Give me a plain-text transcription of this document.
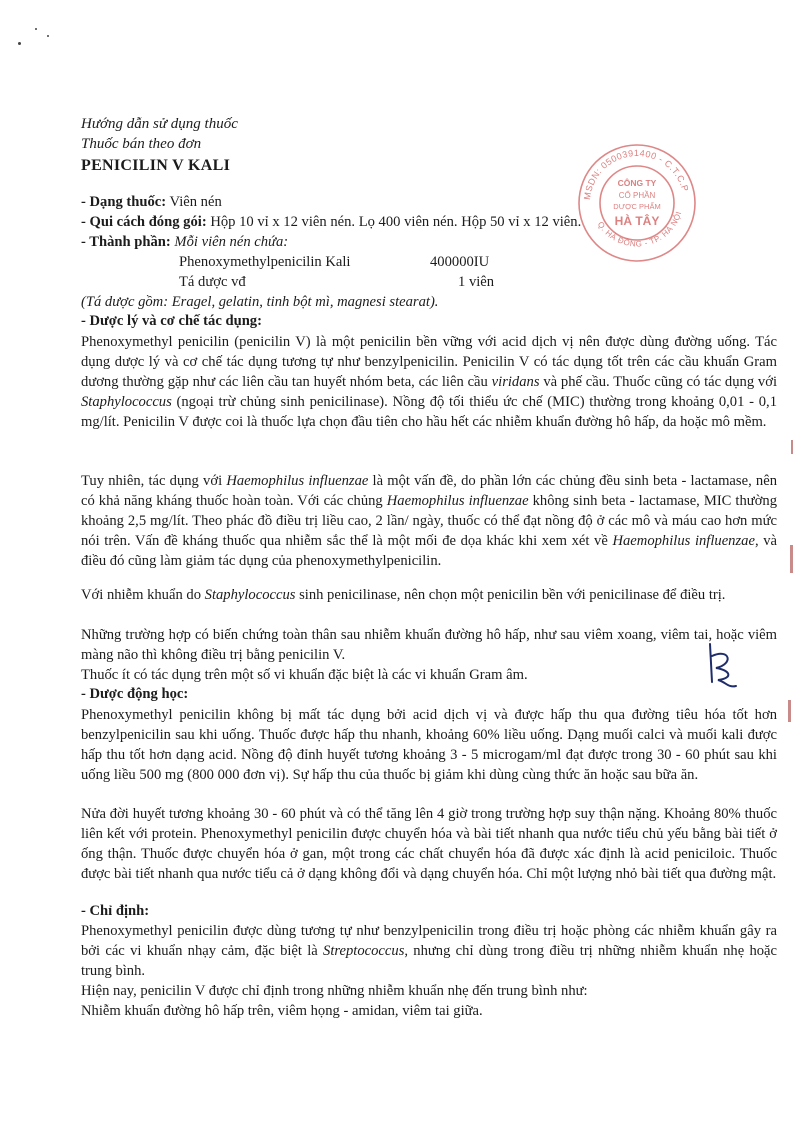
Hướng dẫn sử dụng thuốc
Thuốc bán theo đơn
PENICILIN V KALI
MSDN: 0500391400 - C.T.C.P
Q. HÀ ĐÔNG - TP. HÀ NỘI
CÔNG TY
CỔ PHẦN
DƯỢC PHẨM
HÀ TÂY
- Dạng thuốc: Viên nén
- Qui cách đóng gói: Hộp 10 vỉ x 12 viên nén. Lọ 400 viên nén. Hộp 50 vỉ x 12 viên.
- Thành phần: Mỗi viên nén chứa:
Phenoxymethylpenicilin Kali	400000IU
Tá dược vđ	1 viên
(Tá dược gồm: Eragel, gelatin, tinh bột mì, magnesi stearat).
- Dược lý và cơ chế tác dụng:
Phenoxymethyl penicilin (penicilin V) là một penicilin bền vững với acid dịch vị nên được dùng đường uống. Tác dụng dược lý và cơ chế tác dụng tương tự như benzylpenicilin. Penicilin V có tác dụng tốt trên các cầu khuẩn Gram dương thường gặp như các liên cầu tan huyết nhóm beta, các liên cầu viridans và phế cầu. Thuốc cũng có tác dụng với Staphylococcus (ngoại trừ chủng sinh penicilinase). Nồng độ tối thiểu ức chế (MIC) thường trong khoảng 0,01 - 0,1 mg/lít. Penicilin V được coi là thuốc lựa chọn đầu tiên cho hầu hết các nhiễm khuẩn đường hô hấp, da hoặc mô mềm.
Tuy nhiên, tác dụng với Haemophilus influenzae là một vấn đề, do phần lớn các chủng đều sinh beta - lactamase, nên có khả năng kháng thuốc hoàn toàn. Với các chủng Haemophilus influenzae không sinh beta - lactamase, MIC thường khoảng 2,5 mg/lít. Theo phác đồ điều trị liều cao, 2 lần/ ngày, thuốc có thể đạt nồng độ ở các mô và máu cao hơn mức nói trên. Vấn đề kháng thuốc qua nhiễm sắc thể là một mối đe dọa khác khi xem xét về Haemophilus influenzae, và điều đó cũng làm giảm tác dụng của phenoxymethylpenicilin.
Với nhiễm khuẩn do Staphylococcus sinh penicilinase, nên chọn một penicilin bền với penicilinase để điều trị.
Những trường hợp có biến chứng toàn thân sau nhiễm khuẩn đường hô hấp, như sau viêm xoang, viêm tai, hoặc viêm màng não thì không điều trị bằng penicilin V.
Thuốc ít có tác dụng trên một số vi khuẩn đặc biệt là các vi khuẩn Gram âm.
- Dược động học:
Phenoxymethyl penicilin không bị mất tác dụng bởi acid dịch vị và được hấp thu qua đường tiêu hóa tốt hơn benzylpenicilin sau khi uống. Thuốc được hấp thu nhanh, khoảng 60% liều uống. Dạng muối calci và muối kali được hấp thu tốt hơn dạng acid. Nồng độ đỉnh huyết tương khoảng 3 - 5 microgam/ml đạt được trong 30 - 60 phút sau khi uống liều 500 mg (800 000 đơn vị). Sự hấp thu của thuốc bị giảm khi dùng cùng thức ăn hoặc sau bữa ăn.
Nửa đời huyết tương khoảng 30 - 60 phút và có thể tăng lên 4 giờ trong trường hợp suy thận nặng. Khoảng 80% thuốc liên kết với protein. Phenoxymethyl penicilin được chuyển hóa và bài tiết nhanh qua nước tiểu chủ yếu bằng bài tiết ở ống thận. Thuốc được chuyển hóa ở gan, một trong các chất chuyển hóa đã được xác định là acid peniciloic. Thuốc được bài tiết nhanh qua nước tiểu cả ở dạng không đổi và dạng chuyển hóa. Chỉ một lượng nhỏ bài tiết qua đường mật.
- Chỉ định:
Phenoxymethyl penicilin được dùng tương tự như benzylpenicilin trong điều trị hoặc phòng các nhiễm khuẩn gây ra bởi các vi khuẩn nhạy cảm, đặc biệt là Streptococcus, nhưng chỉ dùng trong điều trị những nhiễm khuẩn nhẹ hoặc trung bình.
Hiện nay, penicilin V được chỉ định trong những nhiễm khuẩn nhẹ đến trung bình như:
Nhiễm khuẩn đường hô hấp trên, viêm họng - amidan, viêm tai giữa.
